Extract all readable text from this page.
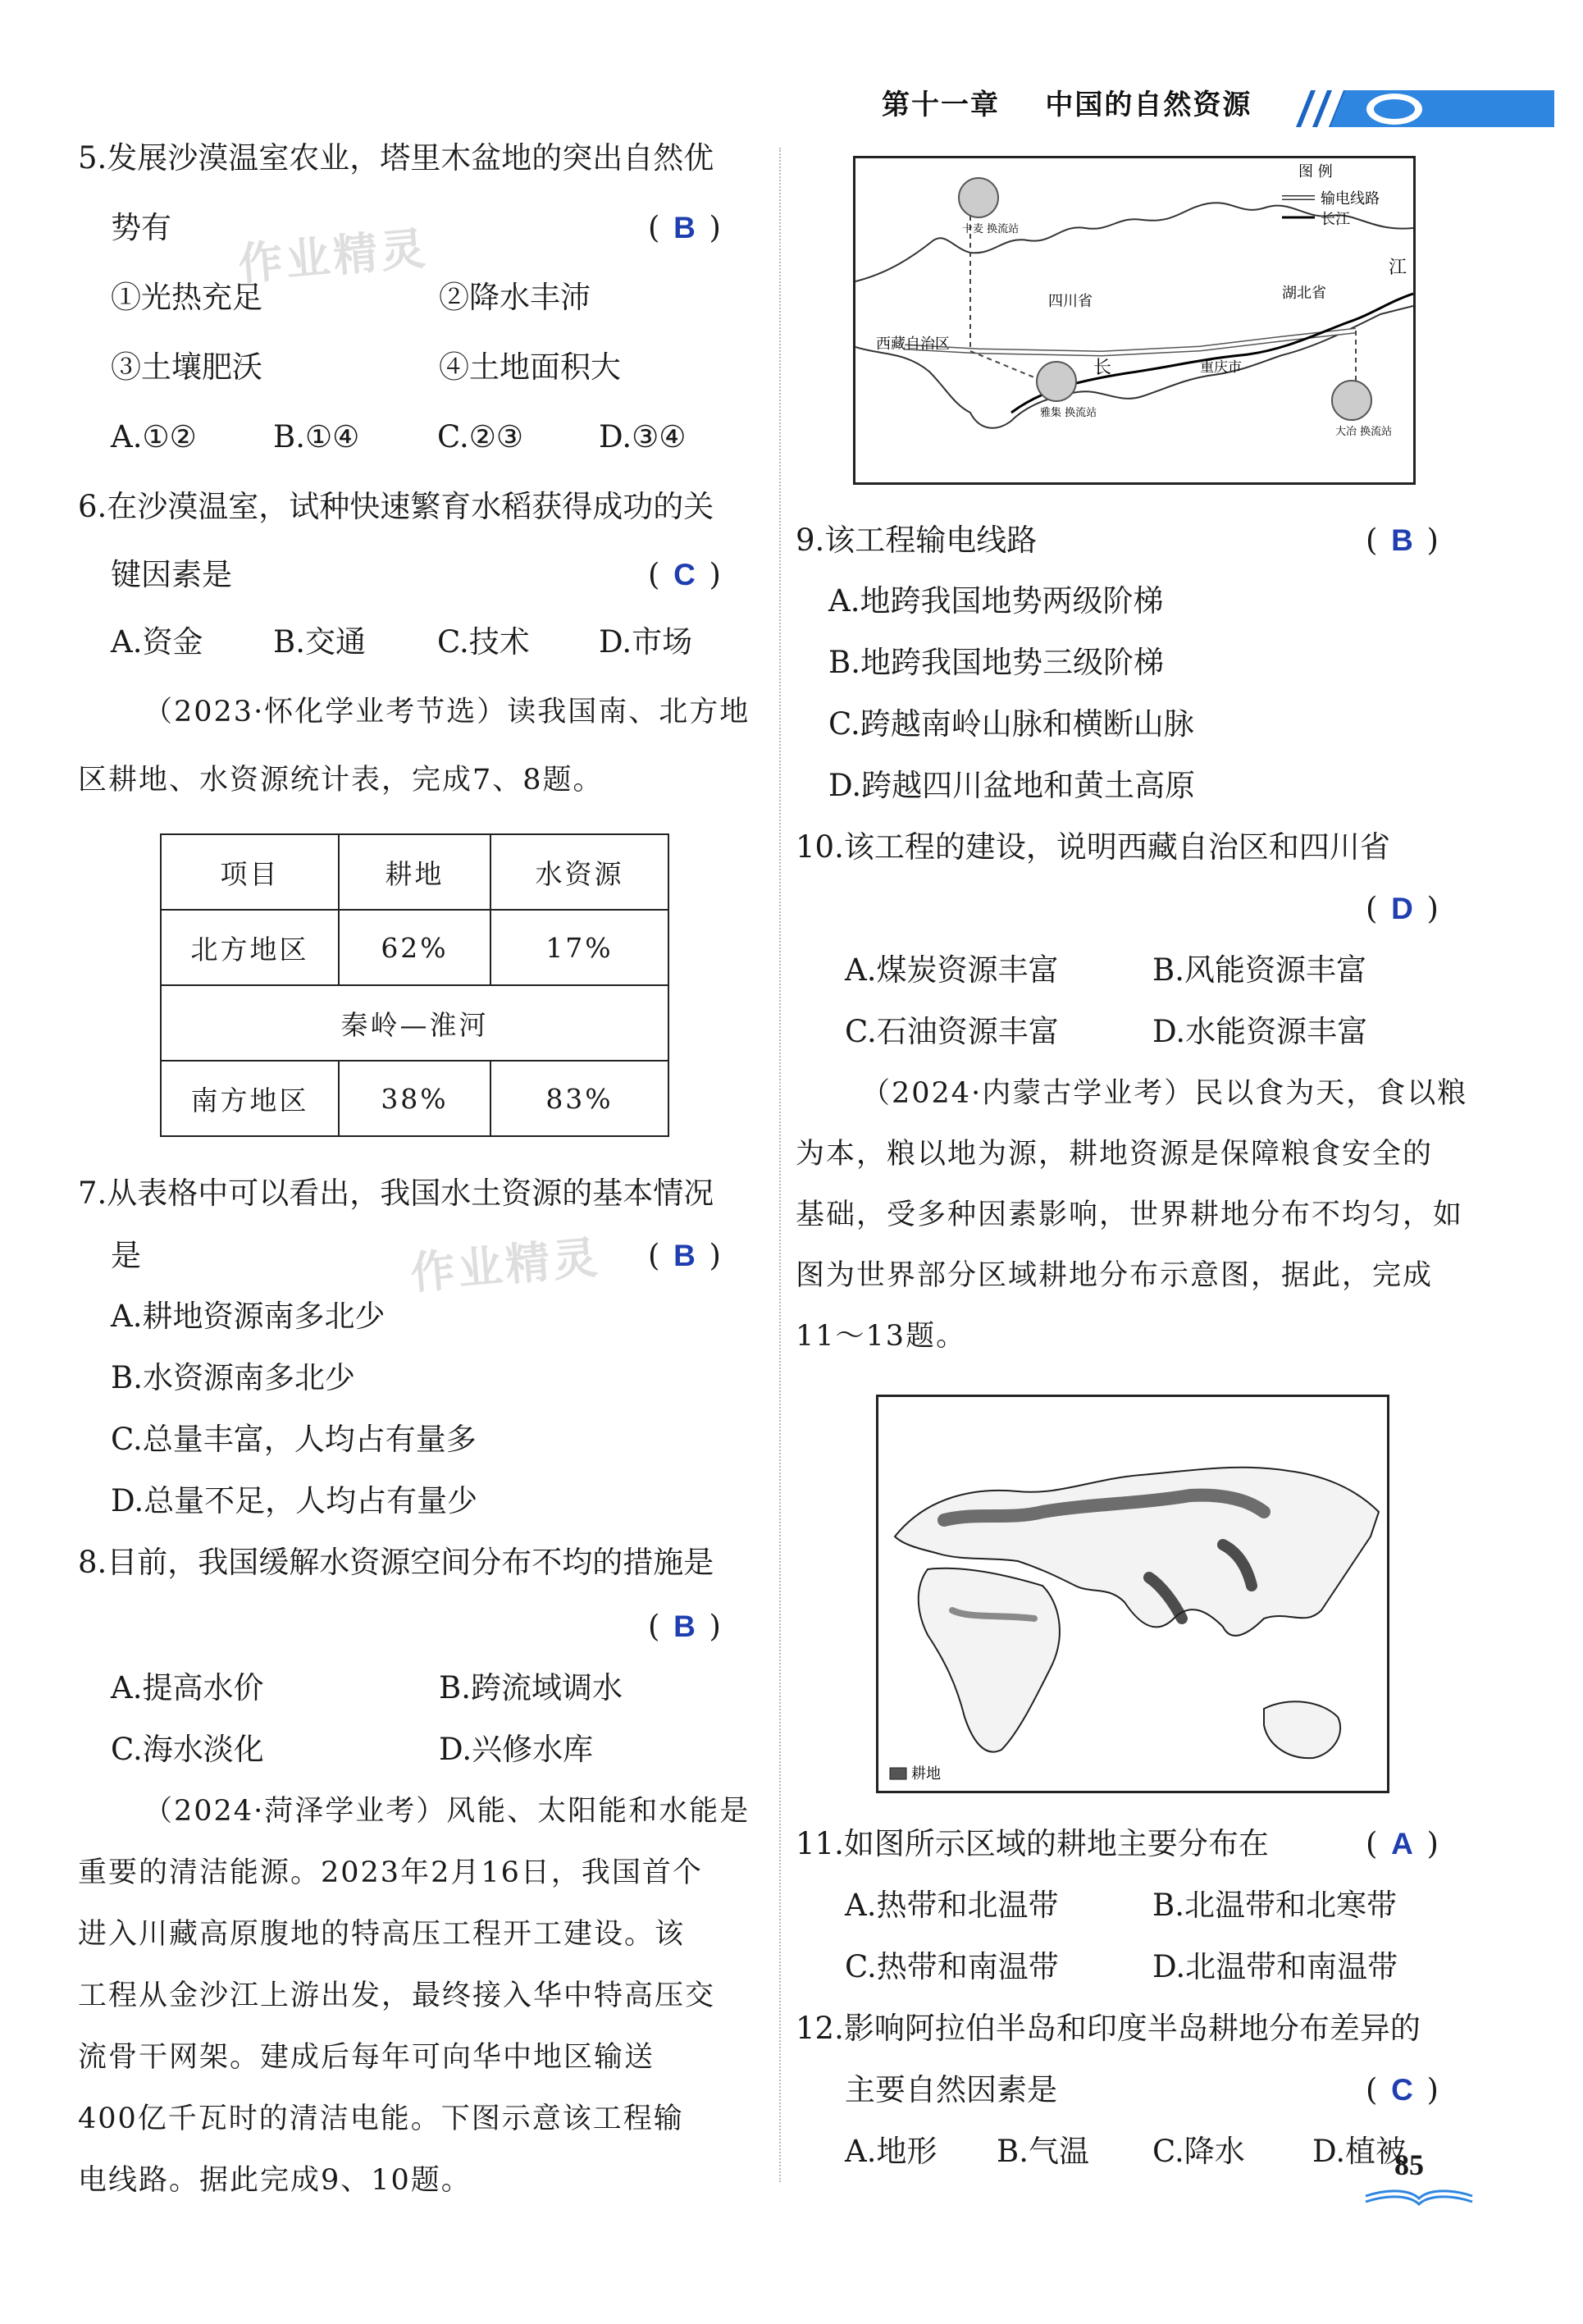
第十一章 中国的自然资源
作业精灵
作业精灵
5.发展沙漠温室农业，塔里木盆地的突出自然优
势有	( B )
①光热充足	②降水丰沛
③土壤肥沃	④土地面积大
A.①②	B.①④	C.②③ D.③④
6.在沙漠温室，试种快速繁育水稻获得成功的关
键因素是	( C )
A.资金 B.交通 C.技术 D.市场
（2023·怀化学业考节选）读我国南、北方地
区耕地、水资源统计表，完成7、8题。
项目	耕地	水资源
北方地区	62%	17%
秦岭—淮河		
南方地区	38%	83%
7.从表格中可以看出，我国水土资源的基本情况
是	( B )
A.耕地资源南多北少
B.水资源南多北少
C.总量丰富，人均占有量多
D.总量不足，人均占有量少
8.目前，我国缓解水资源空间分布不均的措施是
( B )
A.提高水价	B.跨流域调水
C.海水淡化	D.兴修水库
（2024·菏泽学业考）风能、太阳能和水能是
重要的清洁能源。2023年2月16日，我国首个
进入川藏高原腹地的特高压工程开工建设。该
工程从金沙江上游出发，最终接入华中特高压交
流骨干网架。建成后每年可向华中地区输送
400亿千瓦时的清洁电能。下图示意该工程输
电线路。据此完成9、10题。
输电线路
长江
图 例
四川省	湖北省
西藏自治区
重庆市
江
长
卡麦 换流站
雅集 换流站
大冶 换流站
9.该工程输电线路	( B )
A.地跨我国地势两级阶梯
B.地跨我国地势三级阶梯
C.跨越南岭山脉和横断山脉
D.跨越四川盆地和黄土高原
10.该工程的建设，说明西藏自治区和四川省
( D )
A.煤炭资源丰富	B.风能资源丰富
C.石油资源丰富	D.水能资源丰富
（2024·内蒙古学业考）民以食为天，食以粮
为本，粮以地为源，耕地资源是保障粮食安全的
基础，受多种因素影响，世界耕地分布不均匀，如
图为世界部分区域耕地分布示意图，据此，完成
11～13题。
耕地
11.如图所示区域的耕地主要分布在	( A )
A.热带和北温带	B.北温带和北寒带
C.热带和南温带	D.北温带和南温带
12.影响阿拉伯半岛和印度半岛耕地分布差异的
主要自然因素是	( C )
A.地形 B.气温 C.降水 D.植被
85
